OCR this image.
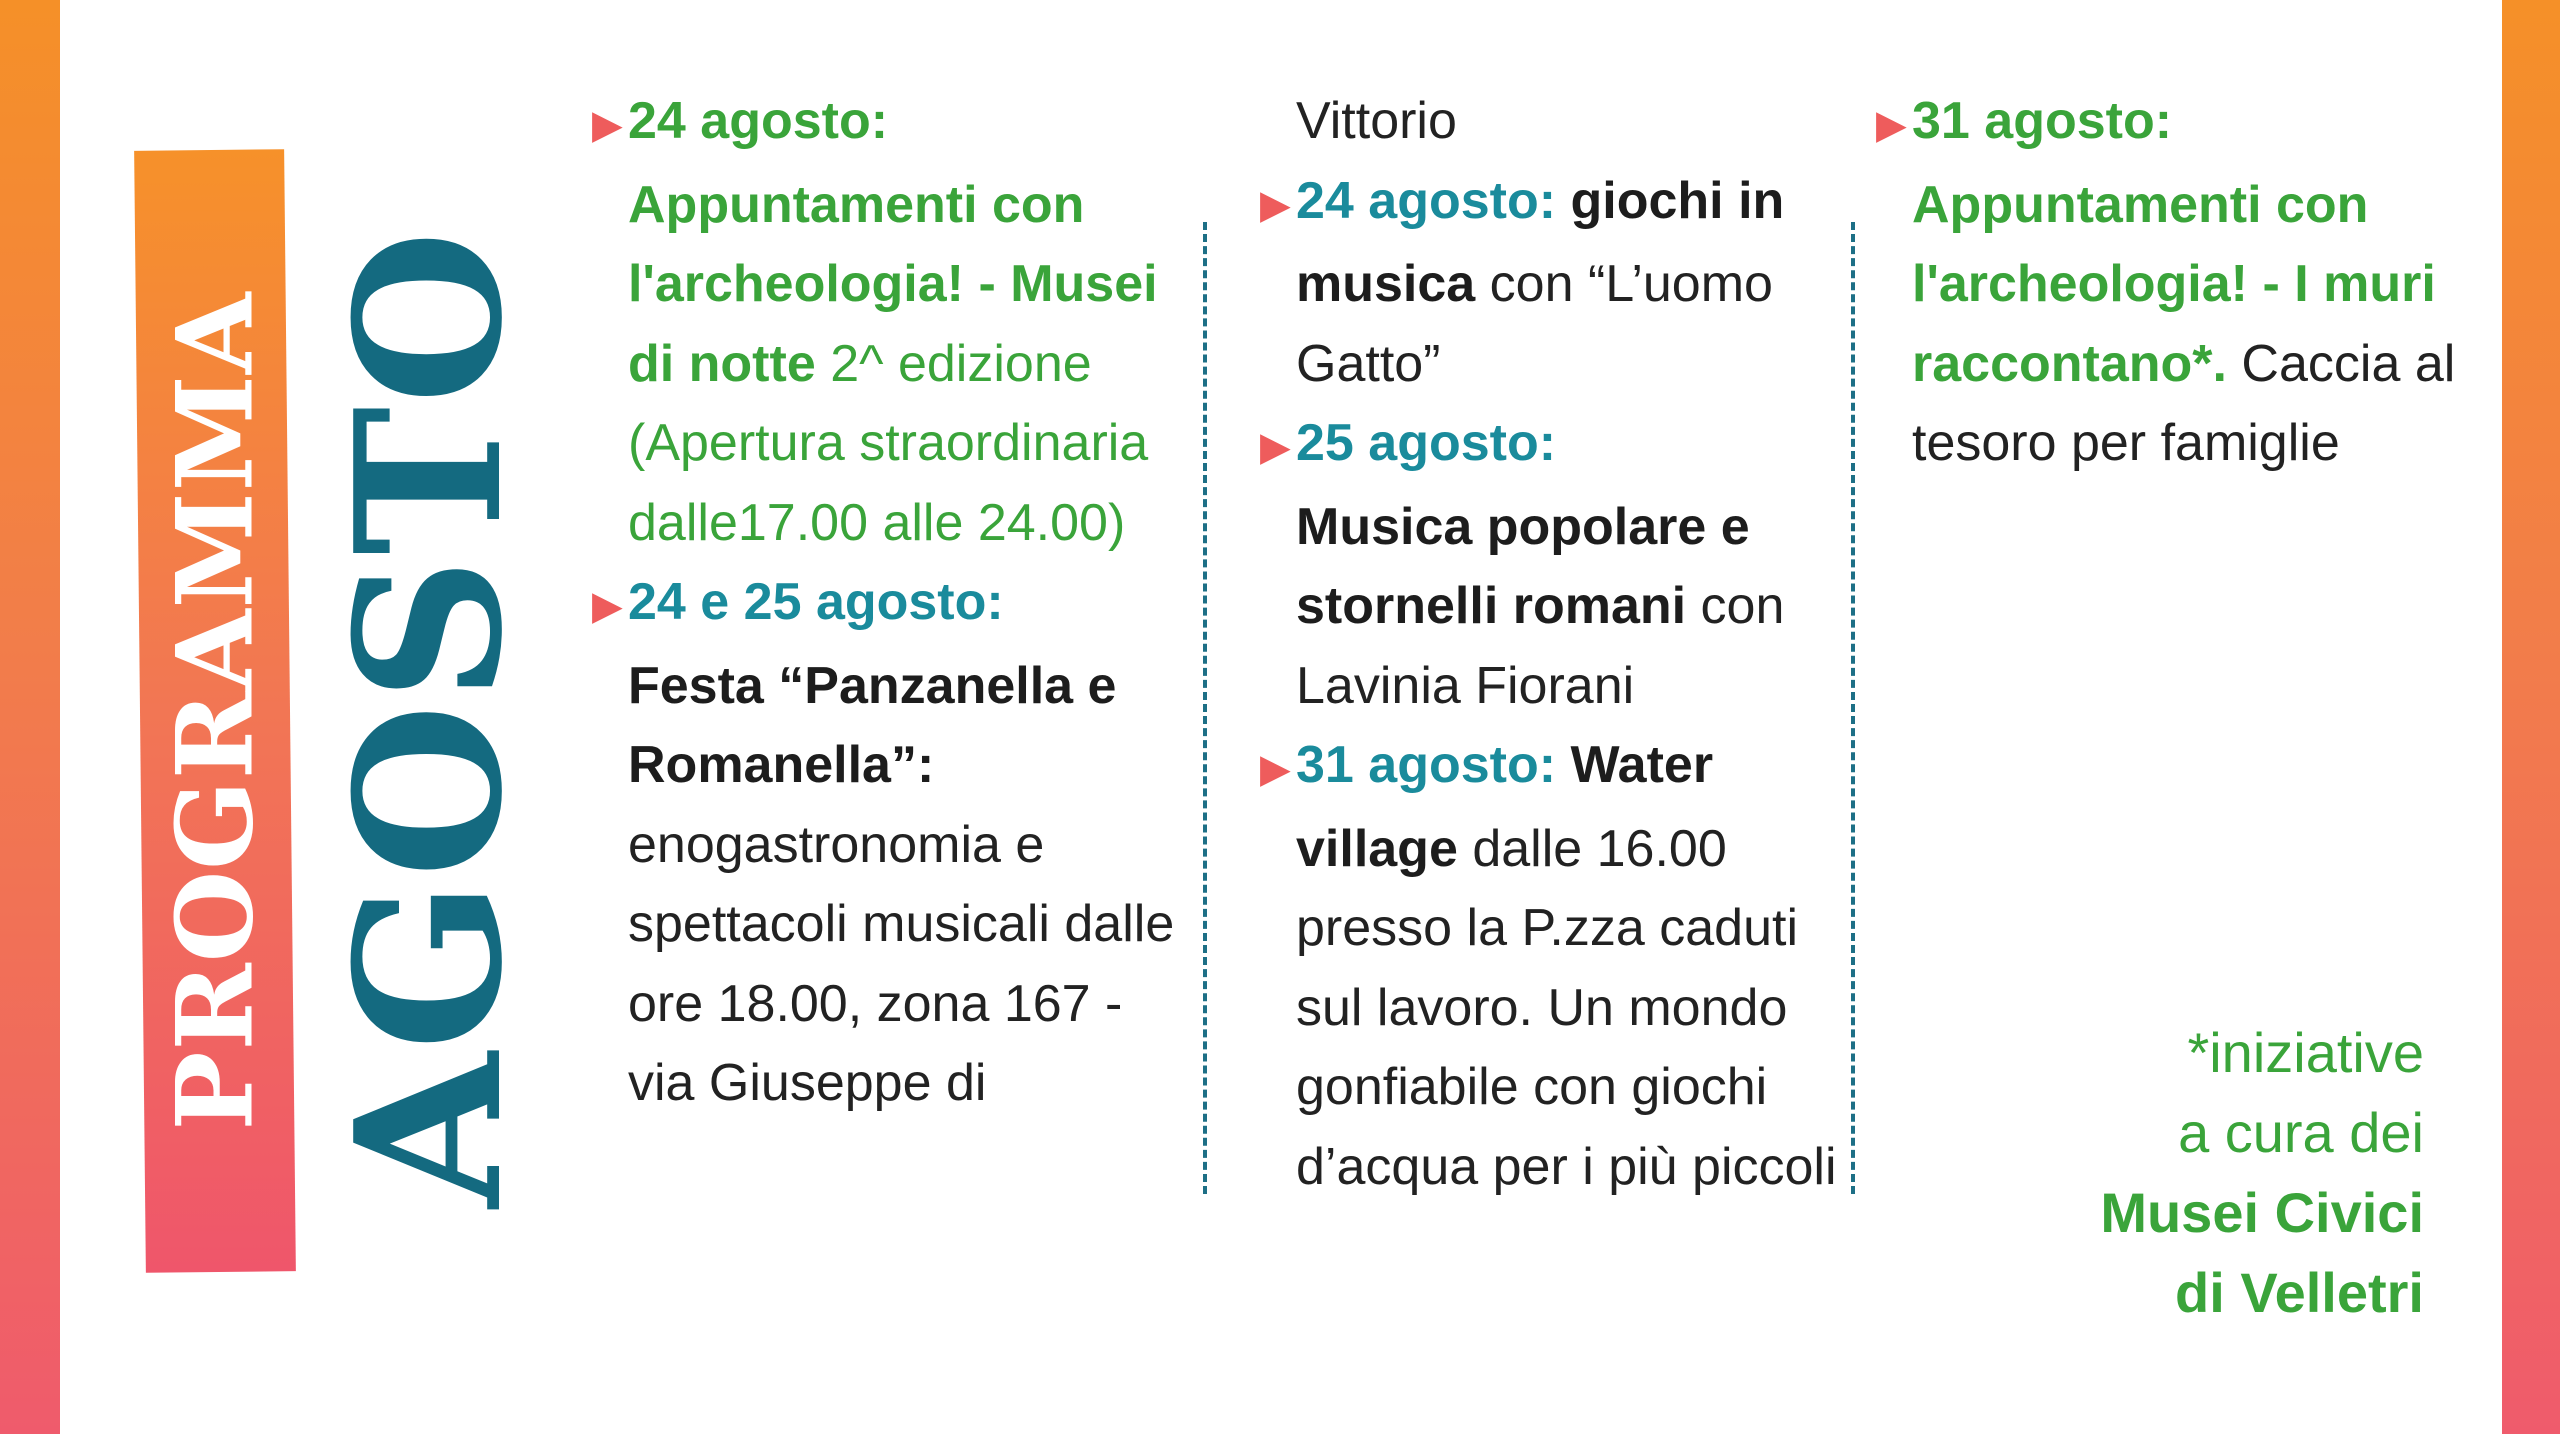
PROGRAMMA AGOSTO

▶ 24 agosto:
Appuntamenti con l'archeologia! - Musei di notte 2^ edizione (Apertura straordinaria dalle17.00 alle 24.00)

▶ 24 e 25 agosto:
Festa “Panzanella e Romanella”: enogastronomia e spettacoli musicali dalle ore 18.00, zona 167 - via Giuseppe di

Vittorio

▶ 24 agosto: giochi in musica con “L’uomo Gatto”

▶ 25 agosto:
Musica popolare e stornelli romani con Lavinia Fiorani

▶ 31 agosto: Water village dalle 16.00 presso la P.zza caduti sul lavoro. Un mondo gonfiabile con giochi d’acqua per i più piccoli

▶ 31 agosto:
Appuntamenti con l'archeologia! - I muri raccontano*. Caccia al tesoro per famiglie

*iniziative
a cura dei
Musei Civici
di Velletri
